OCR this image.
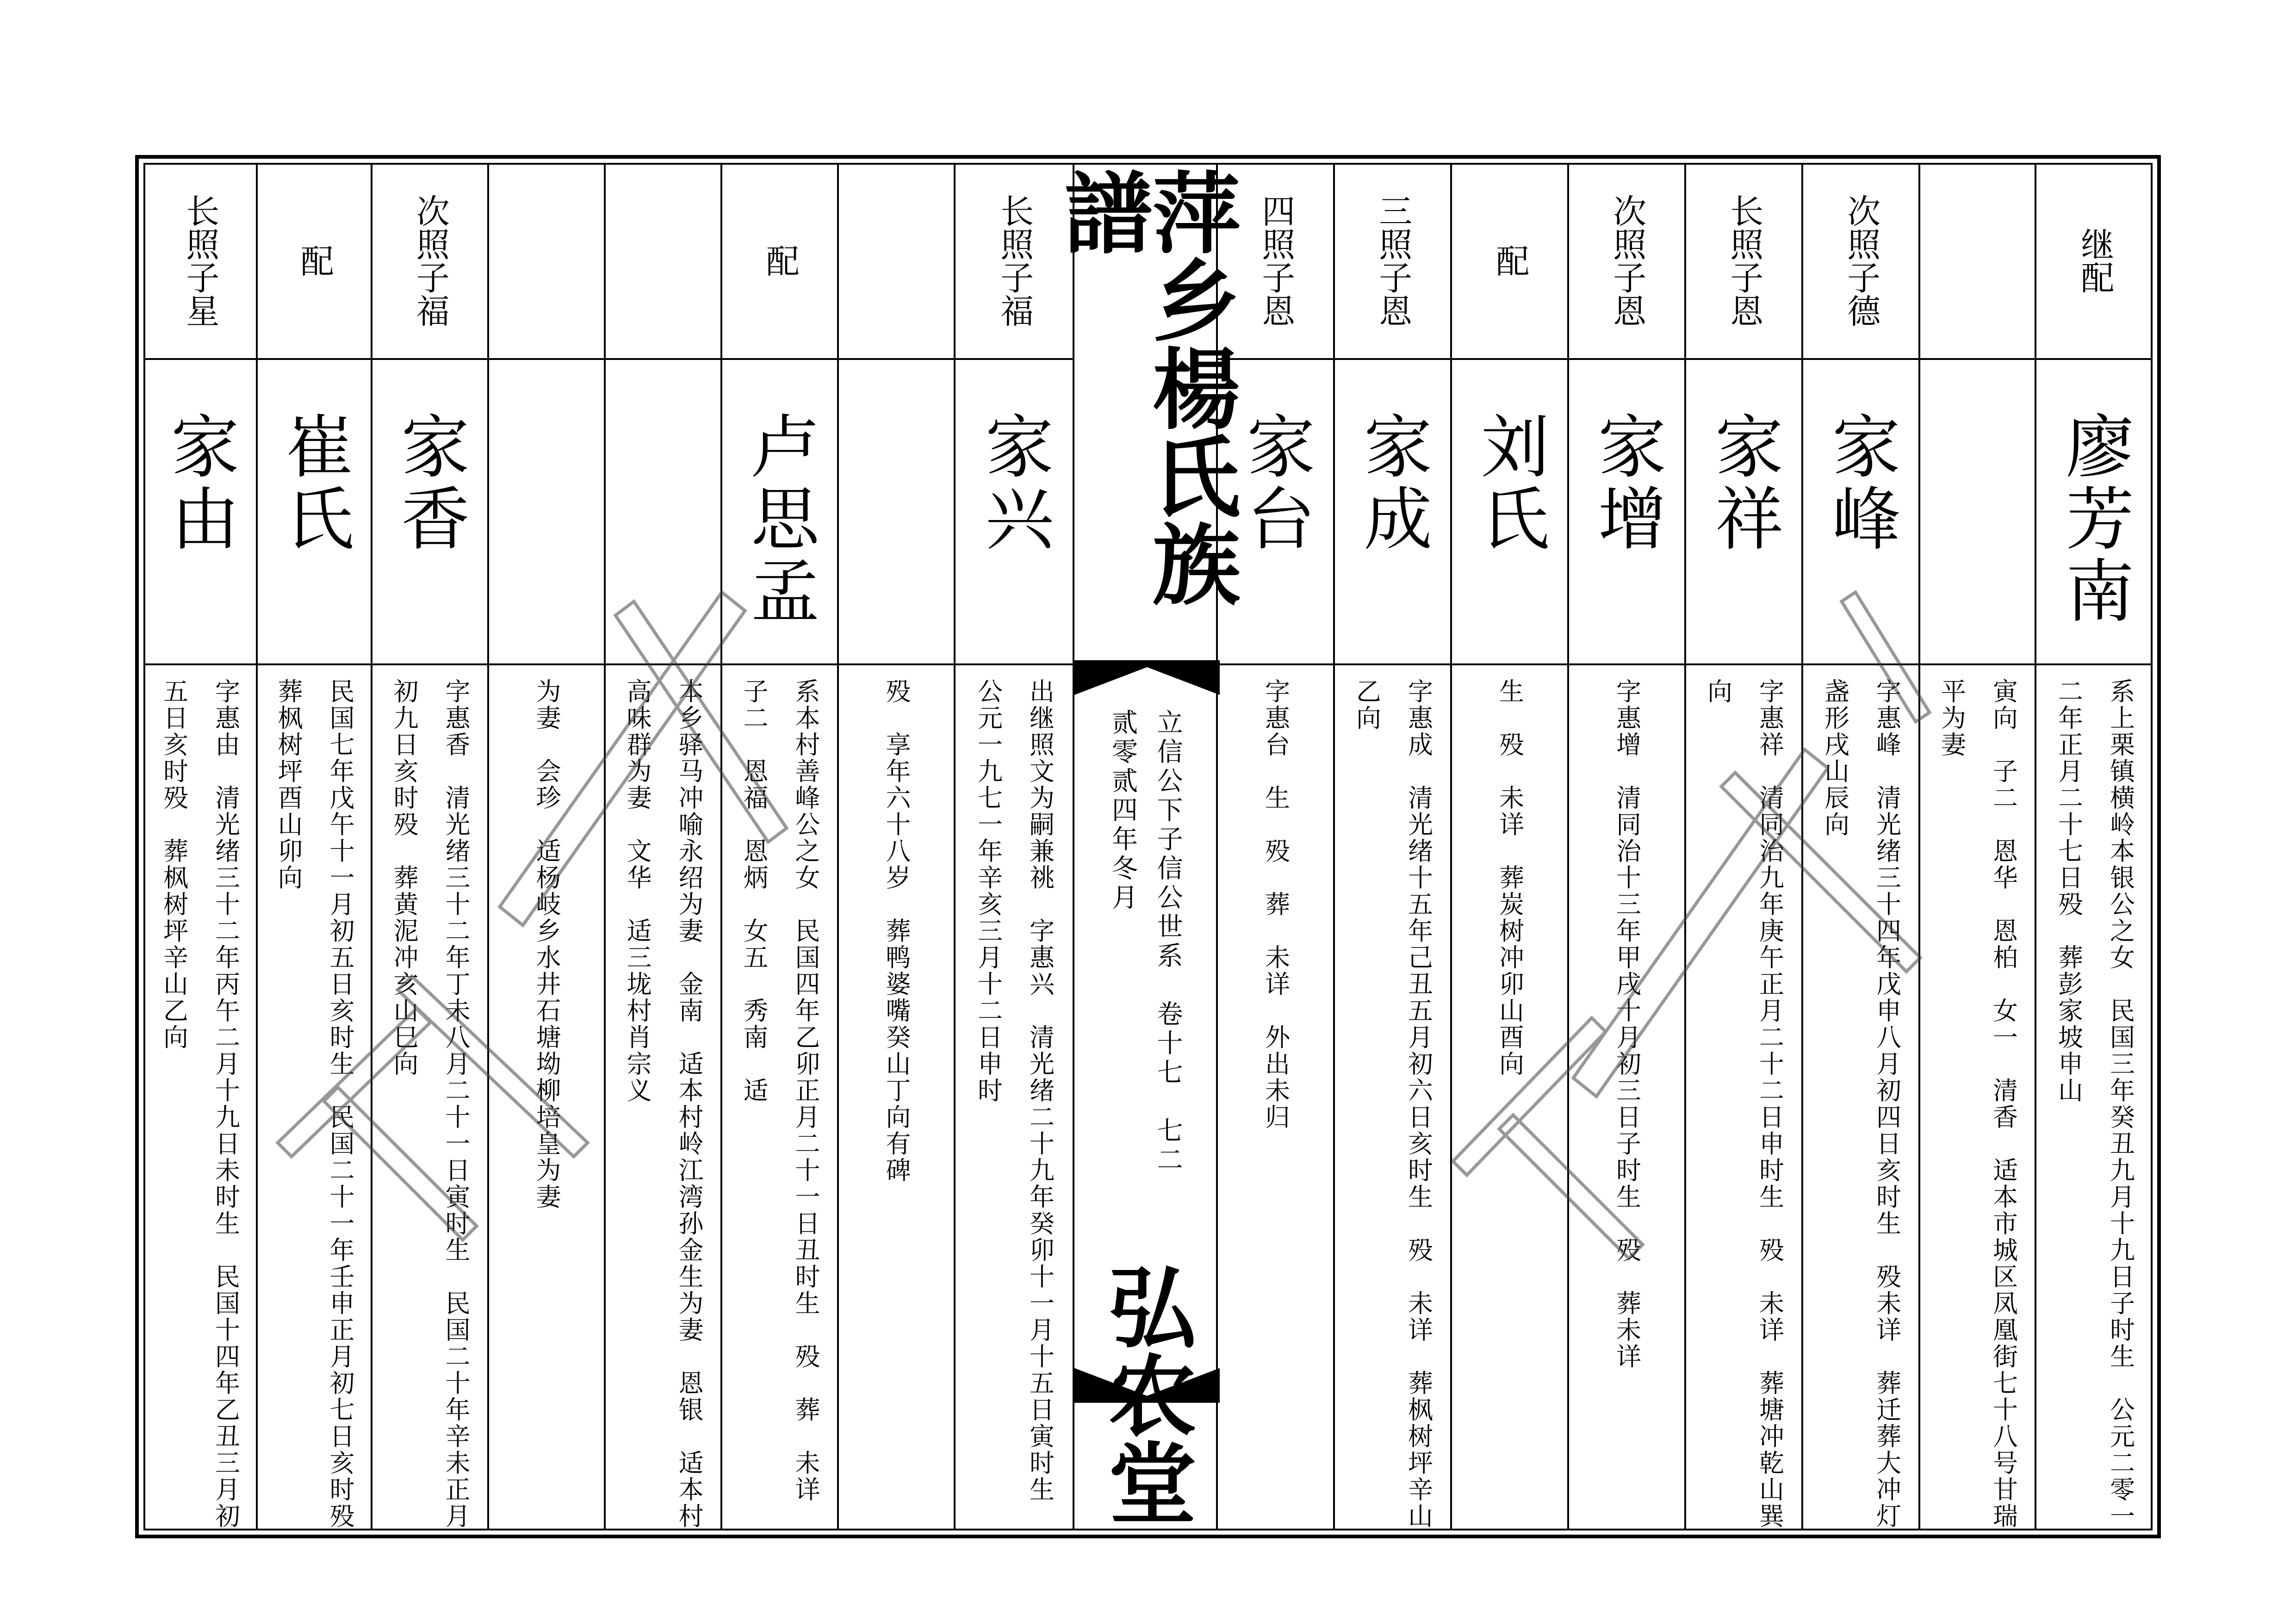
继配
廖芳南
系上栗镇横岭本银公之女　民国三年癸丑九月十九日子时生　公元二零一二年正月二十七日殁　葬彭家坡申山
寅向　子二　恩华　恩柏　女一　清香　适本市城区凤凰街七十八号甘瑞平为妻
次照子德
家峰
字惠峰　清光绪三十四年戊申八月初四日亥时生　殁未详　葬迁葬大冲灯盏形戌山辰向
长照子恩
家祥
字惠祥　清同治九年庚午正月二十二日申时生　殁　未详　葬塘冲乾山巽向
次照子恩
家增
字惠增　清同治十三年甲戌十月初三日子时生　殁　葬未详
配
刘氏
生　殁　未详　葬炭树冲卯山酉向
三照子恩
家成
字惠成　清光绪十五年己丑五月初六日亥时生　殁　未详　葬枫树坪辛山乙向
四照子恩
家台
字惠台　生　殁　葬　未详　外出未归
萍乡楊氏族譜
立信公下子信公世系　卷十七　七二
贰零贰四年冬月
弘农堂
长照子福
家兴
出继照文为嗣兼祧　字惠兴　清光绪二十九年癸卯十一月十五日寅时生　公元一九七一年辛亥三月十二日申时
殁　享年六十八岁　葬鸭婆嘴癸山丁向有碑
配
卢思孟
系本村善峰公之女　民国四年乙卯正月二十一日丑时生　殁　葬　未详　子二　恩福　恩炳　女五　秀南　适
本乡驿马冲喻永绍为妻　金南　适本村岭江湾孙金生为妻　恩银　适本村高味群为妻　文华　适三垅村肖宗义
为妻　会珍　适杨岐乡水井石塘坳柳培皇为妻
次照子福
家香
字惠香　清光绪三十二年丁未八月二十一日寅时生　民国二十年辛未正月初九日亥时殁　葬黄泥冲亥山巳向
配
崔氏
民国七年戊午十一月初五日亥时生　民国二十一年壬申正月初七日亥时殁　葬枫树坪酉山卯向
长照子星
家由
字惠由　清光绪三十二年丙午二月十九日未时生　民国十四年乙丑三月初五日亥时殁　葬枫树坪辛山乙向
